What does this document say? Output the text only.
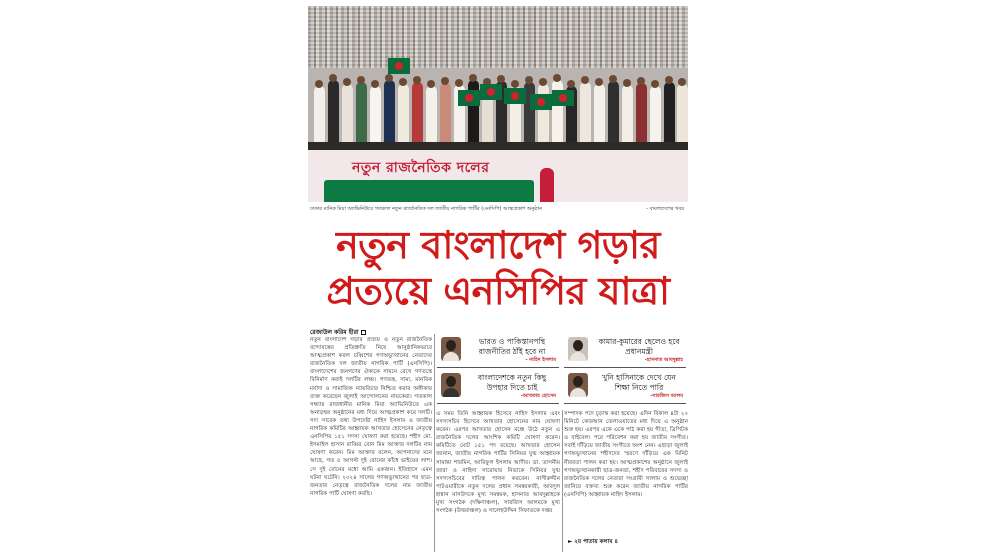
নতুন রাজনৈতিক দলের
ঢাকার মানিক মিয়া অ্যাভিনিউয়ে গতকাল নতুন রাজনৈতিক দল জাতীয় নাগরিক পার্টির (এনসিপি) আত্মপ্রকাশ অনুষ্ঠান	- বাংলাদেশের খবর
নতুন বাংলাদেশ গড়ার
প্রত্যয়ে এনসিপির যাত্রা
রেজাউল করিম হীরা

নতুন বাংলাদেশ গড়ার প্রত্যয় ও নতুন রাজনৈতিক বন্দোবস্তের প্রতিশ্রুতি নিয়ে আনুষ্ঠানিকভাবে আত্মপ্রকাশ করল চব্বিশের গণঅভ্যুত্থানের নেতাদের রাজনৈতিক দল জাতীয় নাগরিক পার্টি (এনসিপি)। বাংলাদেশের জনগণের ঐক্যকে সামনে রেখে গণতন্ত্রে বিনির্মাণ করাই দলটির লক্ষ্য। গণতন্ত্র, সাম্য, মানবিক মর্যাদা ও সামাজিক ন্যায়বিচার নিশ্চিত করার অঙ্গীকার ব্যক্ত করেছেন জুলাই আন্দোলনের নায়কেরা। গতকাল সন্ধ্যায় রাজধানীর মানিক মিয়া অ্যাভিনিউতে এক অনাড়ম্বর অনুষ্ঠানের মধ্য দিয়ে আত্মপ্রকাশ করে দলটি। সদ্য সাবেক তথ্য উপদেষ্টা নাহিদ ইসলাম ও জাতীয় নাগরিক কমিটির আহ্বায়ক আখতার হোসেনের নেতৃত্বে এনসিপির ১৫১ সদস্য ঘোষণা করা হয়েছে। শহীদ মো. ইসমাইল হাসান রাব্বির বোন মিম আক্তার দলটির নাম ঘোষণা করেন। মিম আক্তার বলেন, আপনাদের মনে আছে, গত ৫ আগস্ট দুই বোনের কাঁধে ভাইয়ের লাশ। সে দুই বোনের মধ্যে আমি একজন। ইতিহাসে এমন ঘটনা ঘটেনি। ২০২৪ সালের গণঅভ্যুত্থানের পর ছাত্র-জনতার নেতৃত্বে রাজনৈতিক দলের নাম জাতীয় নাগরিক পার্টি ঘোষণা করছি।

ভারত ও পাকিস্তানপন্থি রাজনীতির ঠাঁই হবে না
- নাহিদ ইসলাম
কামার-কুমারের ছেলেও হবে প্রধানমন্ত্রী
-হাসনাত আবদুল্লাহ
বাংলাদেশকে নতুন কিছু উপহার দিতে চাই
-আখতার হোসেন
খুনি হাসিনাকে দেখে যেন শিক্ষা নিতে পারি
-সারজিস আলম

এ সময় তিনি আহ্বায়ক হিসেবে নাহিদ ইসলাম এবং সদস্যসচিব হিসেবে আখতার হোসেনের নাম ঘোষণা করেন। এরপর আখতার হোসেন মঞ্চে উঠে নতুন এ রাজনৈতিক দলের আংশিক কমিটি ঘোষণা করেন। কমিটিতে মোট ১৫১ পদ রয়েছে। আখতার হোসেন জানান, জাতীয় নাগরিক পার্টির সিনিয়র যুগ্ম আহ্বায়ক সামান্তা শারমিন, আরিফুল ইসলাম আদীব। ডা. তাসনীম জারা ও নাহিদা সারোয়ার নিভাকে সিনিয়র যুগ্ম সদস্যসচিবের দায়িত্ব পালন করবেন। নাসীরুদ্দীন পাটওয়ারীকে নতুন দলের প্রধান সমন্বয়কারী, আবদুল হান্নান মাসউদকে মুখ্য সমন্বয়ক, হাসনাত আবদুল্লাহকে মুখ্য সংগঠক (দক্ষিণাঞ্চল), সারজিস আলমকে মুখ্য সংগঠক (উত্তরাঞ্চল) ও সালেহউদ্দিন সিফাতকে দপ্তর

সম্পাদক পদে চূড়ান্ত করা হয়েছে। এদিন বিকাল ৪টা ২০ মিনিটে কোরআন তেলাওয়াতের মধ্য দিয়ে এ অনুষ্ঠান শুরু হয়। এরপর একে একে পাঠ করা হয় গীতা, ত্রিপিটক ও বাইবেল। পরে পরিবেশন করা হয় জাতীয় সংগীত। সবাই দাঁড়িয়ে জাতীয় সংগীতে অংশ নেন। এছাড়া জুলাই গণঅভ্যুত্থানের শহীদদের স্মরণে দাঁড়িয়ে এক মিনিট নীরবতা পালন করা হয়। আত্মপ্রকাশের অনুষ্ঠানে জুলাই গণঅভ্যুত্থানকারী ছাত্র-জনতা, শহীদ পরিবারের সদস্য ও রাজনৈতিক দলের নেতারা সংগ্রামী সালাম ও শুভেচ্ছা জানিয়ে বক্তব্য শুরু করেন জাতীয় নাগরিক পার্টির (এনসিপি) আহ্বায়ক নাহিদ ইসলাম।

► ২য় পাতায় কলাম ৪
